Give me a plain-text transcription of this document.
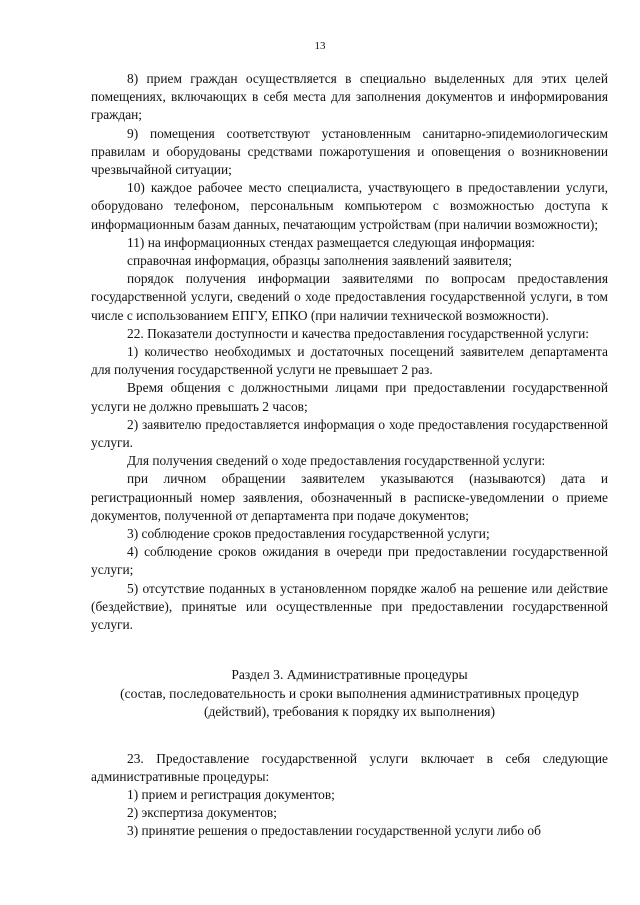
13

8) прием граждан осуществляется в специально выделенных для этих целей помещениях, включающих в себя места для заполнения документов и информирования граждан;

9) помещения соответствуют установленным санитарно-эпидемиологическим правилам и оборудованы средствами пожаротушения и оповещения о возникновении чрезвычайной ситуации;

10) каждое рабочее место специалиста, участвующего в предоставлении услуги, оборудовано телефоном, персональным компьютером с возможностью доступа к информационным базам данных, печатающим устройствам (при наличии возможности);

11) на информационных стендах размещается следующая информация:

справочная информация, образцы заполнения заявлений заявителя;

порядок получения информации заявителями по вопросам предоставления государственной услуги, сведений о ходе предоставления государственной услуги, в том числе с использованием ЕПГУ, ЕПКО (при наличии технической возможности).

22. Показатели доступности и качества предоставления государственной услуги:

1) количество необходимых и достаточных посещений заявителем департамента для получения государственной услуги не превышает 2 раз.

Время общения с должностными лицами при предоставлении государственной услуги не должно превышать 2 часов;

2) заявителю предоставляется информация о ходе предоставления государственной услуги.

Для получения сведений о ходе предоставления государственной услуги:

при личном обращении заявителем указываются (называются) дата и регистрационный номер заявления, обозначенный в расписке-уведомлении о приеме документов, полученной от департамента при подаче документов;

3) соблюдение сроков предоставления государственной услуги;

4) соблюдение сроков ожидания в очереди при предоставлении государственной услуги;

5) отсутствие поданных в установленном порядке жалоб на решение или действие (бездействие), принятые или осуществленные при предоставлении государственной услуги.

Раздел 3. Административные процедуры
(состав, последовательность и сроки выполнения административных процедур (действий), требования к порядку их выполнения)

23. Предоставление государственной услуги включает в себя следующие административные процедуры:

1) прием и регистрация документов;

2) экспертиза документов;

3) принятие решения о предоставлении государственной услуги либо об
